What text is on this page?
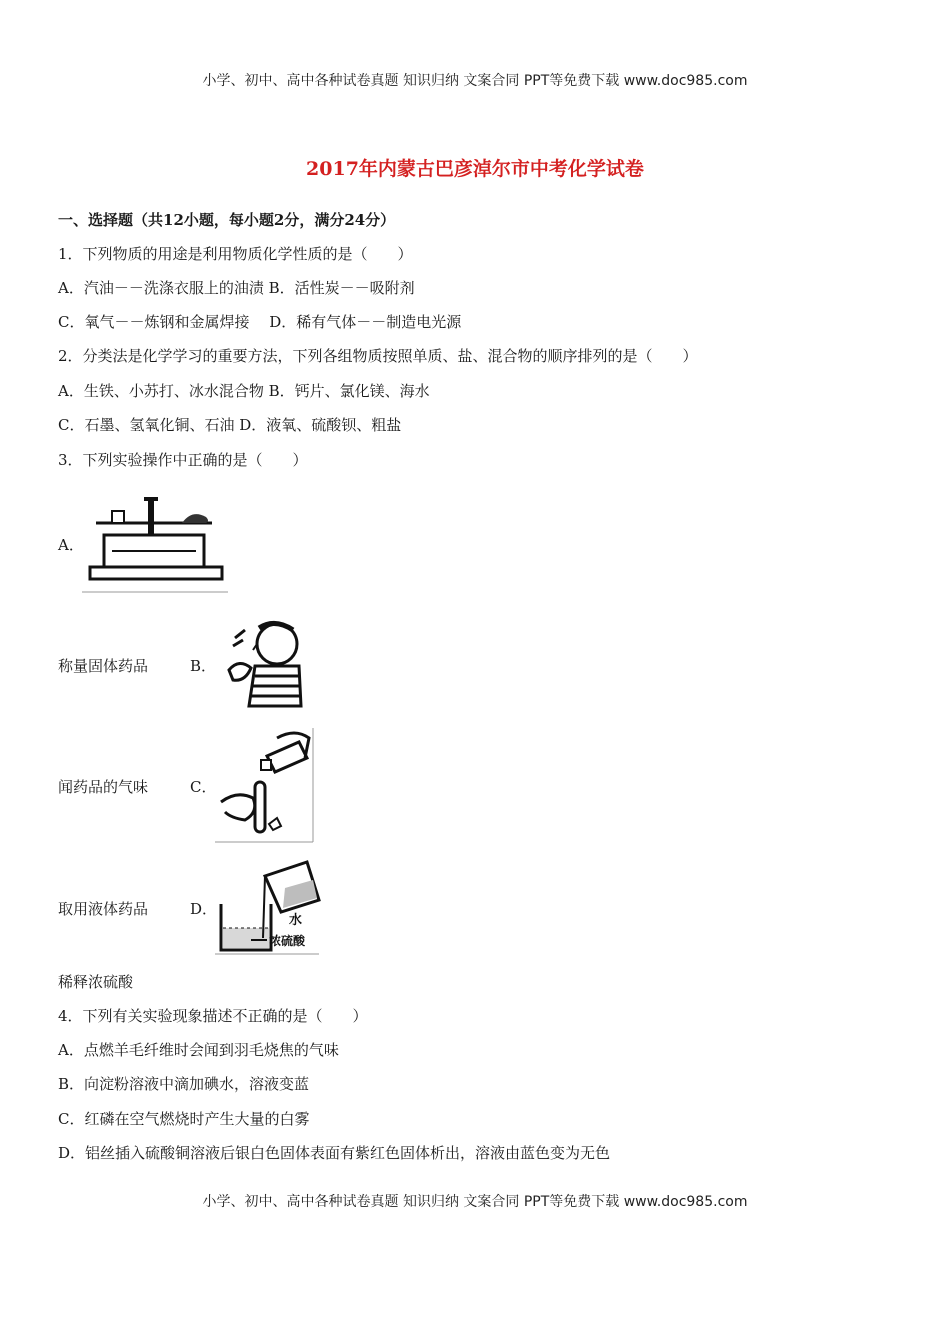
小学、初中、高中各种试卷真题 知识归纳 文案合同 PPT等免费下载 www.doc985.com
2017年内蒙古巴彦淖尔市中考化学试卷
一、选择题（共12小题，每小题2分，满分24分）
1．下列物质的用途是利用物质化学性质的是（　　）
A．汽油－－洗涤衣服上的油渍 B．活性炭－－吸附剂
C．氧气－－炼钢和金属焊接　 D．稀有气体－－制造电光源
2．分类法是化学学习的重要方法，下列各组物质按照单质、盐、混合物的顺序排列的是（　　）
A．生铁、小苏打、冰水混合物 B．钙片、氯化镁、海水
C．石墨、氢氧化铜、石油 D．液氧、硫酸钡、粗盐
3．下列实验操作中正确的是（　　）
A．
称量固体药品	B．
闻药品的气味	C．
取用液体药品	D．
水
浓硫酸
稀释浓硫酸
4．下列有关实验现象描述不正确的是（　　）
A．点燃羊毛纤维时会闻到羽毛烧焦的气味
B．向淀粉溶液中滴加碘水，溶液变蓝
C．红磷在空气燃烧时产生大量的白雾
D．铝丝插入硫酸铜溶液后银白色固体表面有紫红色固体析出，溶液由蓝色变为无色
小学、初中、高中各种试卷真题 知识归纳 文案合同 PPT等免费下载 www.doc985.com
